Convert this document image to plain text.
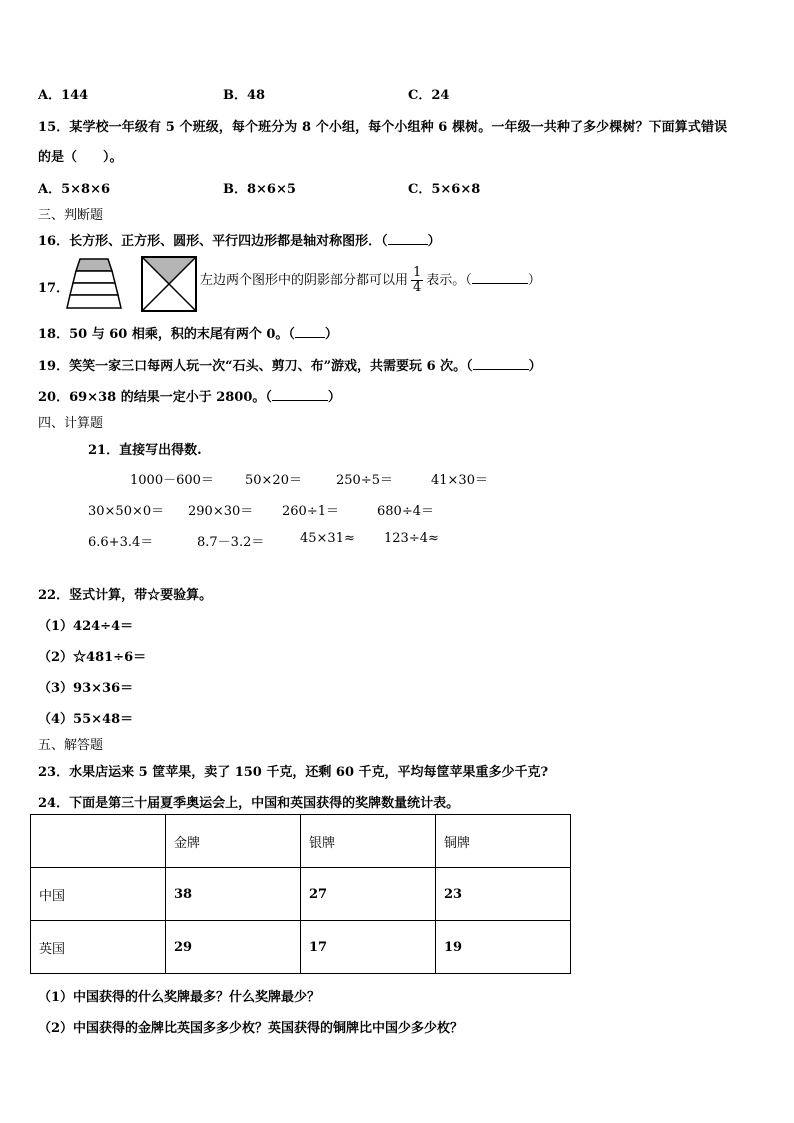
A．144	B．48	C．24
15．某学校一年级有 5 个班级，每个班分为 8 个小组，每个小组种 6 棵树。一年级一共种了多少棵树？下面算式错误
的是（　　）。
A．5×8×6	B．8×6×5	C．5×6×8
三、判断题
16．长方形、正方形、圆形、平行四边形都是轴对称图形．（	）
17．
左边两个图形中的阴影部分都可以用 $\frac{1}{4}$ 表示。（	）
18．50 与 60 相乘，积的末尾有两个 0。（ ）
19．笑笑一家三口每两人玩一次“石头、剪刀、布”游戏，共需要玩 6 次。（	）
20．69×38 的结果一定小于 2800。（	）
四、计算题
21．直接写出得数.
1000－600＝ 50×20＝	250÷5＝	41×30＝
30×50×0＝ 290×30＝ 260÷1＝	680÷4＝
6.6+3.4＝	8.7－3.2＝	45×31≈ 123÷4≈
22．竖式计算，带☆要验算。
（1）424÷4＝
（2）☆481÷6＝
（3）93×36＝
（4）55×48＝
五、解答题
23．水果店运来 5 筐苹果，卖了 150 千克，还剩 60 千克，平均每筐苹果重多少千克?
24．下面是第三十届夏季奥运会上，中国和英国获得的奖牌数量统计表。
	金牌	银牌	铜牌
中国	38	27	23
英国	29	17	19
（1）中国获得的什么奖牌最多？什么奖牌最少？
（2）中国获得的金牌比英国多多少枚？英国获得的铜牌比中国少多少枚？
